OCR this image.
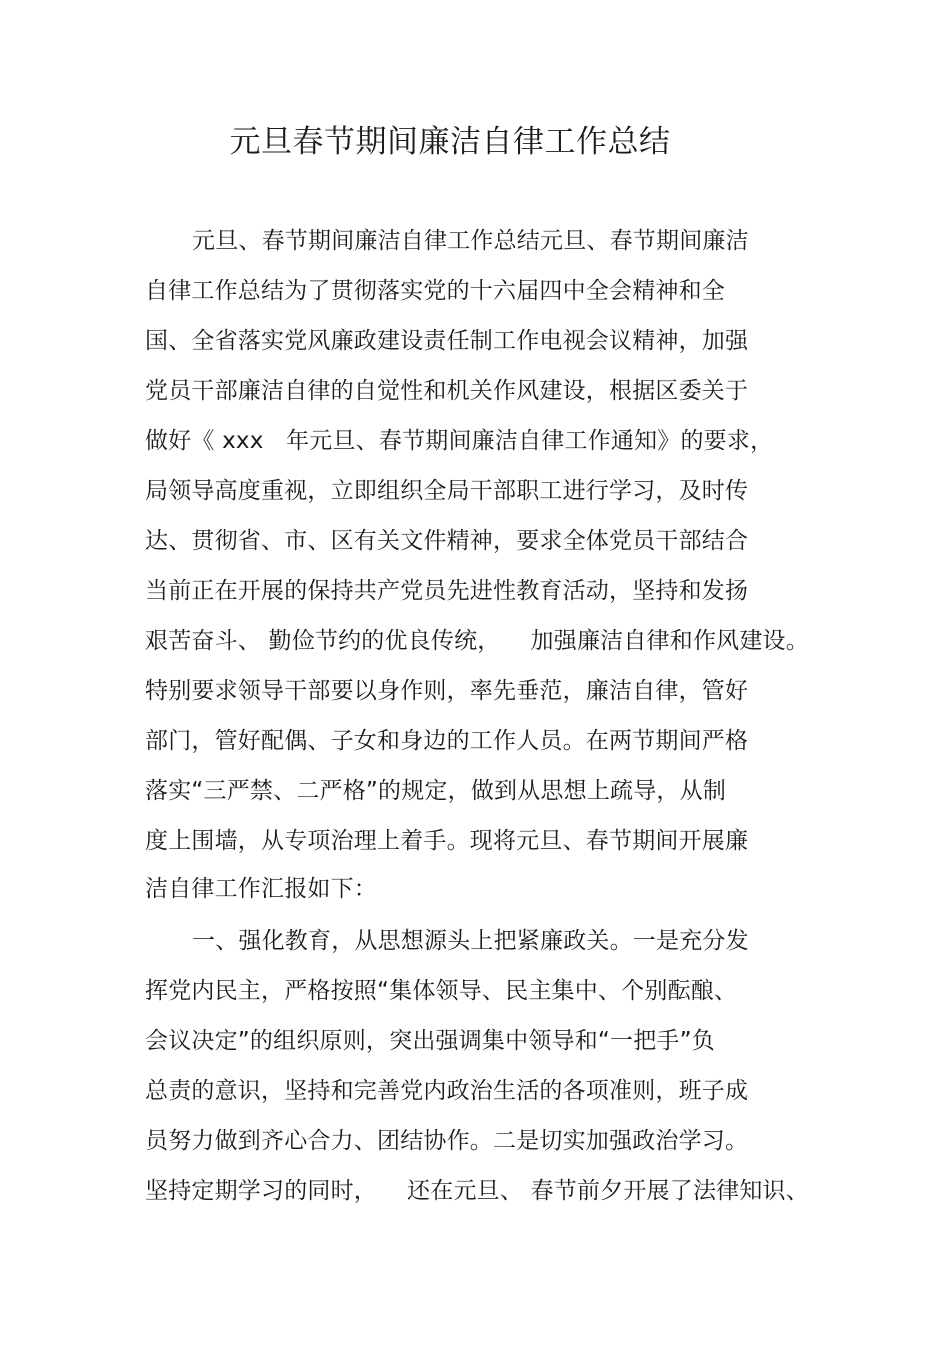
元旦春节期间廉洁自律工作总结
元旦、春节期间廉洁自律工作总结元旦、春节期间廉洁
自律工作总结为了贯彻落实党的十六届四中全会精神和全
国、全省落实党风廉政建设责任制工作电视会议精神，加强
党员干部廉洁自律的自觉性和机关作风建设，根据区委关于
做好《 xxx   年元旦、春节期间廉洁自律工作通知》的要求，
局领导高度重视，立即组织全局干部职工进行学习，及时传
达、贯彻省、市、区有关文件精神，要求全体党员干部结合
当前正在开展的保持共产党员先进性教育活动，坚持和发扬
艰苦奋斗、 勤俭节约的优良传统，    加强廉洁自律和作风建设。
特别要求领导干部要以身作则，率先垂范，廉洁自律，管好
部门，管好配偶、子女和身边的工作人员。在两节期间严格
落实“三严禁、二严格”的规定，做到从思想上疏导，从制
度上围墙，从专项治理上着手。现将元旦、春节期间开展廉
洁自律工作汇报如下：
一、强化教育，从思想源头上把紧廉政关。一是充分发
挥党内民主，严格按照“集体领导、民主集中、个别酝酿、
会议决定”的组织原则，突出强调集中领导和“一把手”负
总责的意识，坚持和完善党内政治生活的各项准则，班子成
员努力做到齐心合力、团结协作。二是切实加强政治学习。
坚持定期学习的同时，    还在元旦、 春节前夕开展了法律知识、
